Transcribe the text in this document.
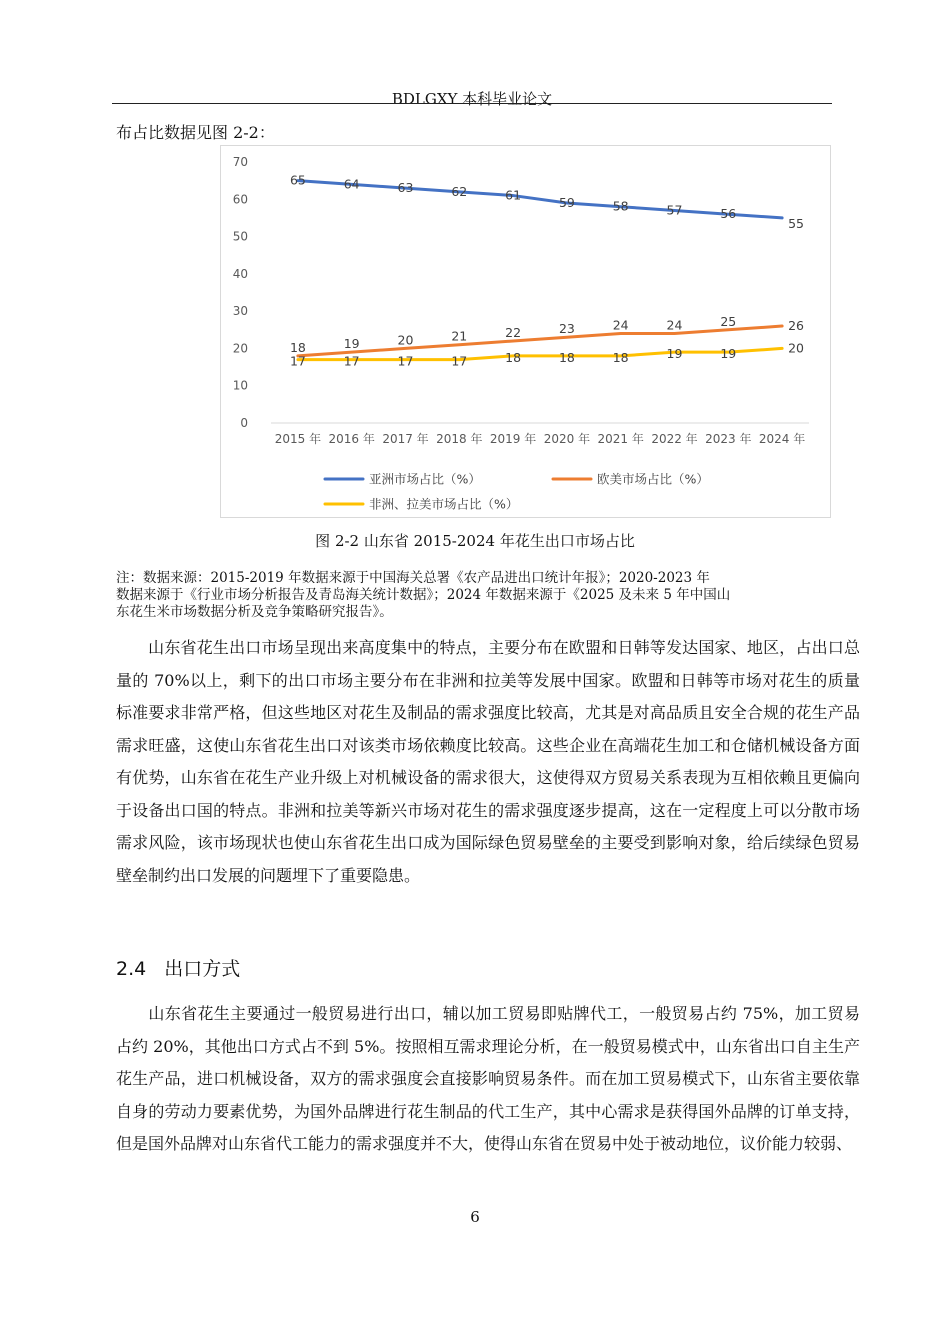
BDLGXY 本科毕业论文
布占比数据见图 2-2：
0
10
20
30
40
50
60
70
2015 年 2016 年 2017 年 2018 年 2019 年 2020 年 2021 年 2022 年 2023 年 2024 年
65	64	63	62	61	59	58	57	56
55
18	19	20	21	22	23	24	24	25	26
17	17	17	17	18	18	18	19	19	20
亚洲市场占比（%）	欧美市场占比（%）
非洲、拉美市场占比（%）
图 2-2 山东省 2015-2024 年花生出口市场占比
注：数据来源：2015-2019 年数据来源于中国海关总署《农产品进出口统计年报》；2020-2023 年
数据来源于《行业市场分析报告及青岛海关统计数据》；2024 年数据来源于《2025 及未来 5 年中国山
东花生米市场数据分析及竞争策略研究报告》。
山东省花生出口市场呈现出来高度集中的特点，主要分布在欧盟和日韩等发达国家、地区，占出口总量的 70%以上，剩下的出口市场主要分布在非洲和拉美等发展中国家。欧盟和日韩等市场对花生的质量标准要求非常严格，但这些地区对花生及制品的需求强度比较高，尤其是对高品质且安全合规的花生产品需求旺盛，这使山东省花生出口对该类市场依赖度比较高。这些企业在高端花生加工和仓储机械设备方面有优势，山东省在花生产业升级上对机械设备的需求很大，这使得双方贸易关系表现为互相依赖且更偏向于设备出口国的特点。非洲和拉美等新兴市场对花生的需求强度逐步提高，这在一定程度上可以分散市场需求风险，该市场现状也使山东省花生出口成为国际绿色贸易壁垒的主要受到影响对象，给后续绿色贸易壁垒制约出口发展的问题埋下了重要隐患。
2.4 出口方式
山东省花生主要通过一般贸易进行出口，辅以加工贸易即贴牌代工，一般贸易占约 75%，加工贸易占约 20%，其他出口方式占不到 5%。按照相互需求理论分析，在一般贸易模式中，山东省出口自主生产花生产品，进口机械设备，双方的需求强度会直接影响贸易条件。而在加工贸易模式下，山东省主要依靠自身的劳动力要素优势，为国外品牌进行花生制品的代工生产，其中心需求是获得国外品牌的订单支持，但是国外品牌对山东省代工能力的需求强度并不大，使得山东省在贸易中处于被动地位，议价能力较弱、
6
